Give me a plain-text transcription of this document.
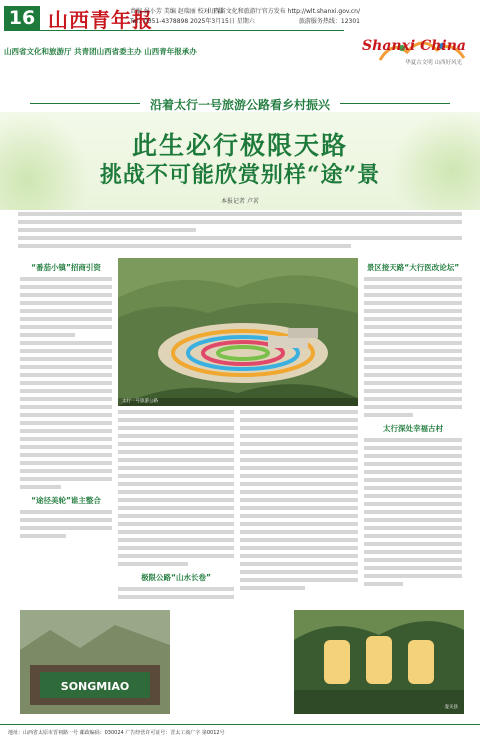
16 山西青年报
责编 侯小芳 美编 赵瑞丽 校对 王晶
Tel：0351-4378898 2025年3月15日 星期六
山西省文化和旅游厅官方发布 http://wlt.shanxi.gov.cn/
旅游服务热线：12301
山西省文化和旅游厅 共青团山西省委主办 山西青年报承办	Shanxi China
华夏古文明 山西好风光
沿着太行一号旅游公路看乡村振兴
此生必行极限天路
挑战不可能欣赏别样“途”景
本报记者 卢茗
“番茄小镇”招商引资
“途径美轮”谁主整合
太行一号旅游公路
极限公路“山水长卷”
景区接天路“大行医改论坛”
太行深处幸福古村
SONGMIAO
壶关县
地址：山西省太原市晋祠路一号 邮政编码：030024 广告经营许可证号：晋太工商广字 第0012号
